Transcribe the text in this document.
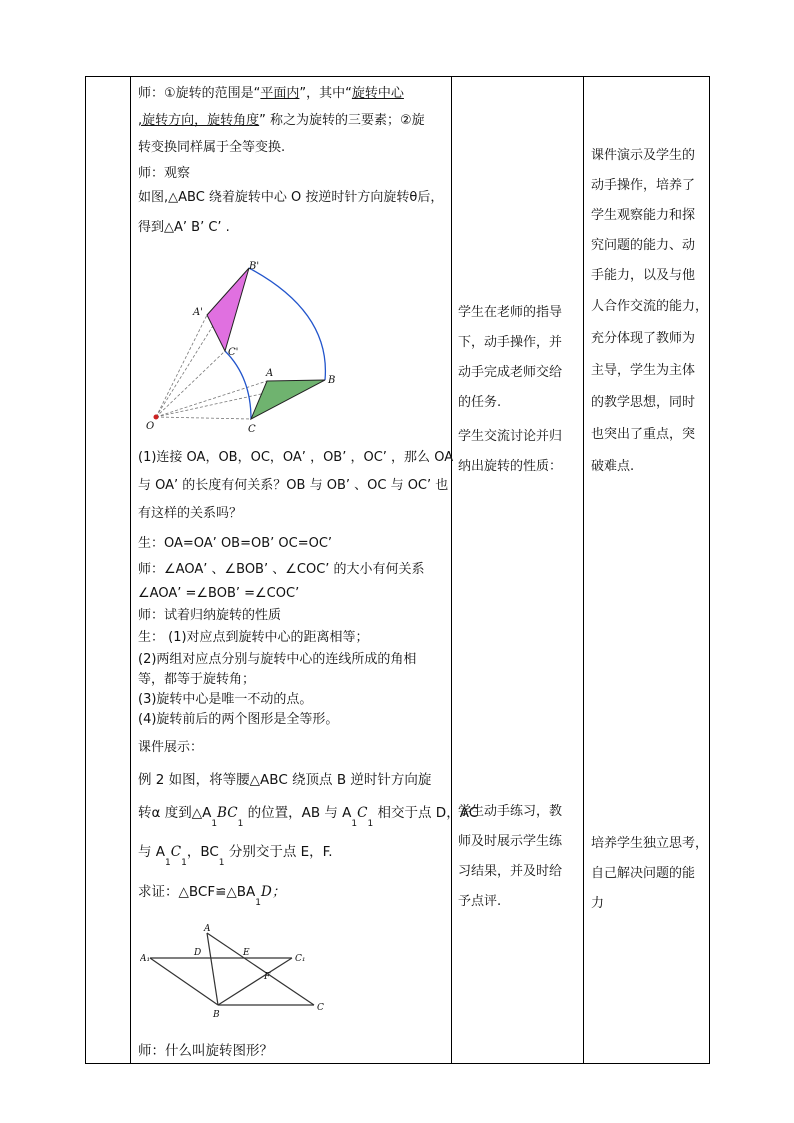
师：①旋转的范围是“平面内”，其中“旋转中心
,旋转方向，旋转角度” 称之为旋转的三要素；②旋
转变换同样属于全等变换.
师：观察
如图,△ABC 绕着旋转中心 O 按逆时针方向旋转θ后，
得到△A’ B’ C’ .
O
A
B
C
A'
B'
C'
(1)连接 OA，OB，OC，OA’ ，OB’ ，OC’ ，那么 OA
与 OA’ 的长度有何关系？OB 与 OB’ 、OC 与 OC’ 也
有这样的关系吗？
生：OA=OA’ OB=OB’ OC=OC’
师：∠AOA’ 、∠BOB’ 、∠COC’ 的大小有何关系
∠AOA’ =∠BOB’ =∠COC’
师：试着归纳旋转的性质
生： (1)对应点到旋转中心的距离相等；
(2)两组对应点分别与旋转中心的连线所成的角相
等，都等于旋转角；
(3)旋转中心是唯一不动的点。
(4)旋转前后的两个图形是全等形。
课件展示：
例 2 如图，将等腰△ABC 绕顶点 B 逆时针方向旋
转α 度到$\triangle A_1BC_1$ 的位置，AB 与 $A_1C_1$ 相交于点 D，AC
与 $A_1C_1$，$BC_1$ 分别交于点 E，F.
求证：$\triangle BCF≌\triangle BA_1D$；
A
A₁
D	E
C₁
F
B
C
师：什么叫旋转图形？
学生在老师的指导
下，动手操作，并
动手完成老师交给
的任务.
学生交流讨论并归
纳出旋转的性质：
学生动手练习，教
师及时展示学生练
习结果，并及时给
予点评.
课件演示及学生的
动手操作，培养了
学生观察能力和探
究问题的能力、动
手能力，以及与他
人合作交流的能力，
充分体现了教师为
主导，学生为主体
的教学思想，同时
也突出了重点，突
破难点.
培养学生独立思考，
自己解决问题的能
力
